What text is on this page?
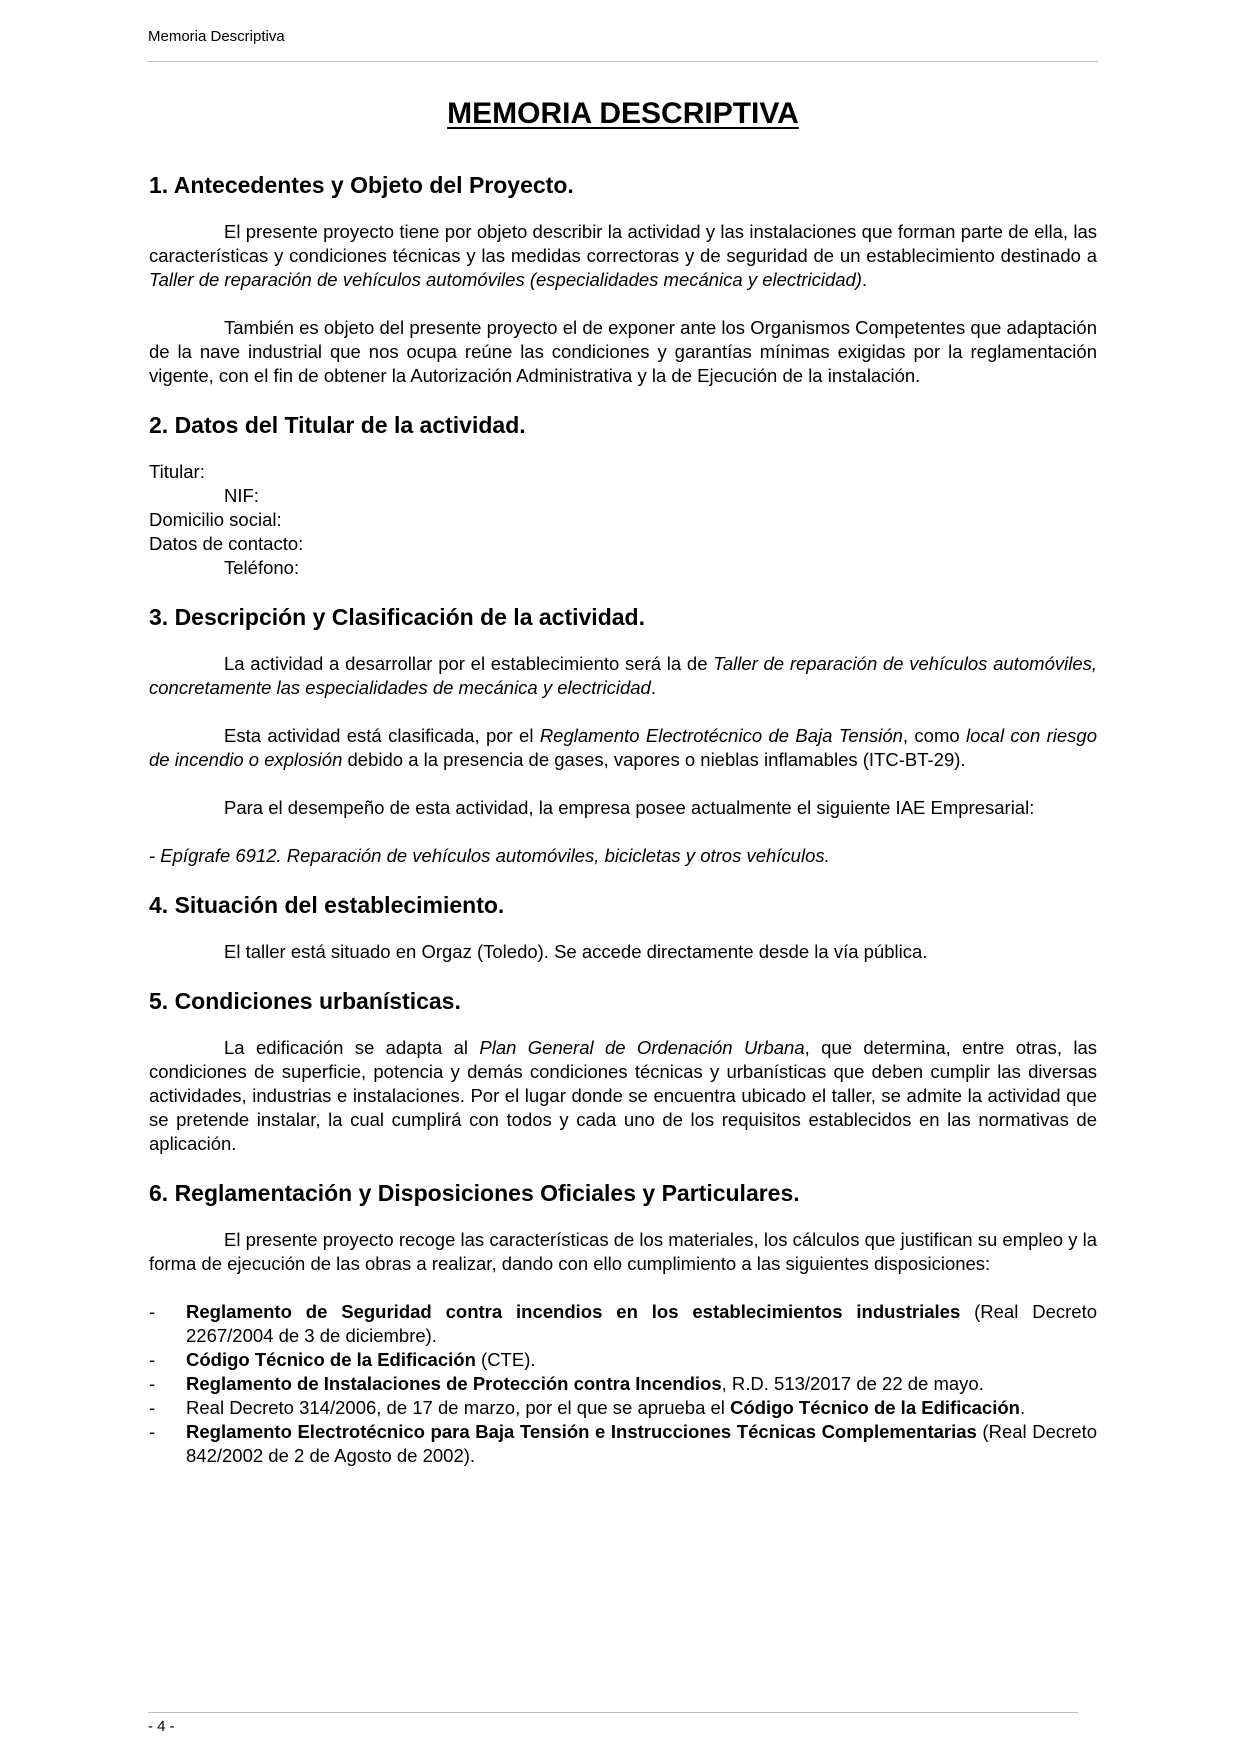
Memoria Descriptiva
MEMORIA DESCRIPTIVA
1. Antecedentes y Objeto del Proyecto.

El presente proyecto tiene por objeto describir la actividad y las instalaciones que forman parte de ella, las características y condiciones técnicas y las medidas correctoras y de seguridad de un establecimiento destinado a Taller de reparación de vehículos automóviles (especialidades mecánica y electricidad).

También es objeto del presente proyecto el de exponer ante los Organismos Competentes que adaptación de la nave industrial que nos ocupa reúne las condiciones y garantías mínimas exigidas por la reglamentación vigente, con el fin de obtener la Autorización Administrativa y la de Ejecución de la instalación.

2. Datos del Titular de la actividad.
Titular:
NIF:
Domicilio social:
Datos de contacto:
Teléfono:
3. Descripción y Clasificación de la actividad.

La actividad a desarrollar por el establecimiento será la de Taller de reparación de vehículos automóviles, concretamente las especialidades de mecánica y electricidad.

Esta actividad está clasificada, por el Reglamento Electrotécnico de Baja Tensión, como local con riesgo de incendio o explosión debido a la presencia de gases, vapores o nieblas inflamables (ITC-BT-29).

Para el desempeño de esta actividad, la empresa posee actualmente el siguiente IAE Empresarial:

- Epígrafe 6912. Reparación de vehículos automóviles, bicicletas y otros vehículos.

4. Situación del establecimiento.

El taller está situado en Orgaz (Toledo). Se accede directamente desde la vía pública.

5. Condiciones urbanísticas.

La edificación se adapta al Plan General de Ordenación Urbana, que determina, entre otras, las condiciones de superficie, potencia y demás condiciones técnicas y urbanísticas que deben cumplir las diversas actividades, industrias e instalaciones. Por el lugar donde se encuentra ubicado el taller, se admite la actividad que se pretende instalar, la cual cumplirá con todos y cada uno de los requisitos establecidos en las normativas de aplicación.

6. Reglamentación y Disposiciones Oficiales y Particulares.

El presente proyecto recoge las características de los materiales, los cálculos que justifican su empleo y la forma de ejecución de las obras a realizar, dando con ello cumplimiento a las siguientes disposiciones:

- Reglamento de Seguridad contra incendios en los establecimientos industriales (Real Decreto 2267/2004 de 3 de diciembre).
- Código Técnico de la Edificación (CTE).
- Reglamento de Instalaciones de Protección contra Incendios, R.D. 513/2017 de 22 de mayo.
- Real Decreto 314/2006, de 17 de marzo, por el que se aprueba el Código Técnico de la Edificación.
- Reglamento Electrotécnico para Baja Tensión e Instrucciones Técnicas Complementarias (Real Decreto 842/2002 de 2 de Agosto de 2002).
- 4 -
